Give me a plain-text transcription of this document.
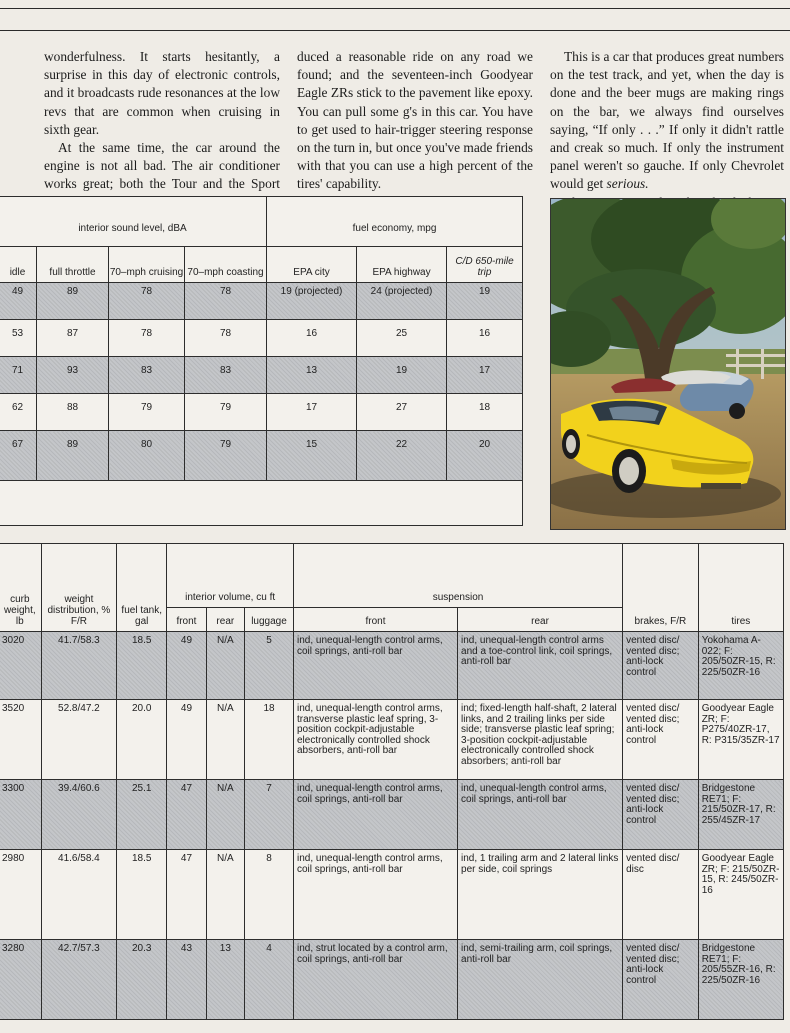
wonderfulness. It starts hesitantly, a surprise in this day of electronic controls, and it broadcasts rude resonances at the low revs that are common when cruising in sixth gear.

At the same time, the car around the engine is not all bad. The air conditioner works great; both the Tour and the Sport

duced a reasonable ride on any road we found; and the seventeen-inch Goodyear Eagle ZRs stick to the pavement like epoxy. You can pull some g's in this car. You have to get used to hair-trigger steering response on the turn in, but once you've made friends with that you can use a high percent of the tires' capability.

This is a car that produces great numbers on the test track, and yet, when the day is done and the beer mugs are making rings on the bar, we always find ourselves saying, “If only . . .” If only it didn't rattle and creak so much. If only the instrument panel weren't so gauche. If only Chevrolet would get serious.

interior sound level, dBA				fuel economy, mpg		
idle	full throttle	70–mph cruising	70–mph coasting	EPA city	EPA highway	C/D 650-mile trip
49	89	78	78	19 (projected)	24 (projected)	19
53	87	78	78	16	25	16
71	93	83	83	13	19	17
62	88	79	79	17	27	18
67	89	80	79	15	22	20

curb weight, lb	weight distribution, % F/R	fuel tank, gal	interior volume, cu ft			suspension		brakes, F/R	tires
			front	rear	luggage	front	rear		
3020	41.7/58.3	18.5	49	N/A	5	ind, unequal-length control arms, coil springs, anti-roll bar	ind, unequal-length control arms and a toe-control link, coil springs, anti-roll bar	vented disc/ vented disc; anti-lock control	Yokohama A-022; F: 205/50ZR-15, R: 225/50ZR-16
3520	52.8/47.2	20.0	49	N/A	18	ind, unequal-length control arms, transverse plastic leaf spring, 3-position cockpit-adjustable electronically controlled shock absorbers, anti-roll bar	ind; fixed-length half-shaft, 2 lateral links, and 2 trailing links per side side; transverse plastic leaf spring; 3-position cockpit-adjustable electronically controlled shock absorbers; anti-roll bar	vented disc/ vented disc; anti-lock control	Goodyear Eagle ZR; F: P275/40ZR-17, R: P315/35ZR-17
3300	39.4/60.6	25.1	47	N/A	7	ind, unequal-length control arms, coil springs, anti-roll bar	ind, unequal-length control arms, coil springs, anti-roll bar	vented disc/ vented disc; anti-lock control	Bridgestone RE71; F: 215/50ZR-17, R: 255/45ZR-17
2980	41.6/58.4	18.5	47	N/A	8	ind, unequal-length control arms, coil springs, anti-roll bar	ind, 1 trailing arm and 2 lateral links per side, coil springs	vented disc/ disc	Goodyear Eagle ZR; F: 215/50ZR-15, R: 245/50ZR-16
3280	42.7/57.3	20.3	43	13	4	ind, strut located by a control arm, coil springs, anti-roll bar	ind, semi-trailing arm, coil springs, anti-roll bar	vented disc/ vented disc; anti-lock control	Bridgestone RE71; F: 205/55ZR-16, R: 225/50ZR-16
